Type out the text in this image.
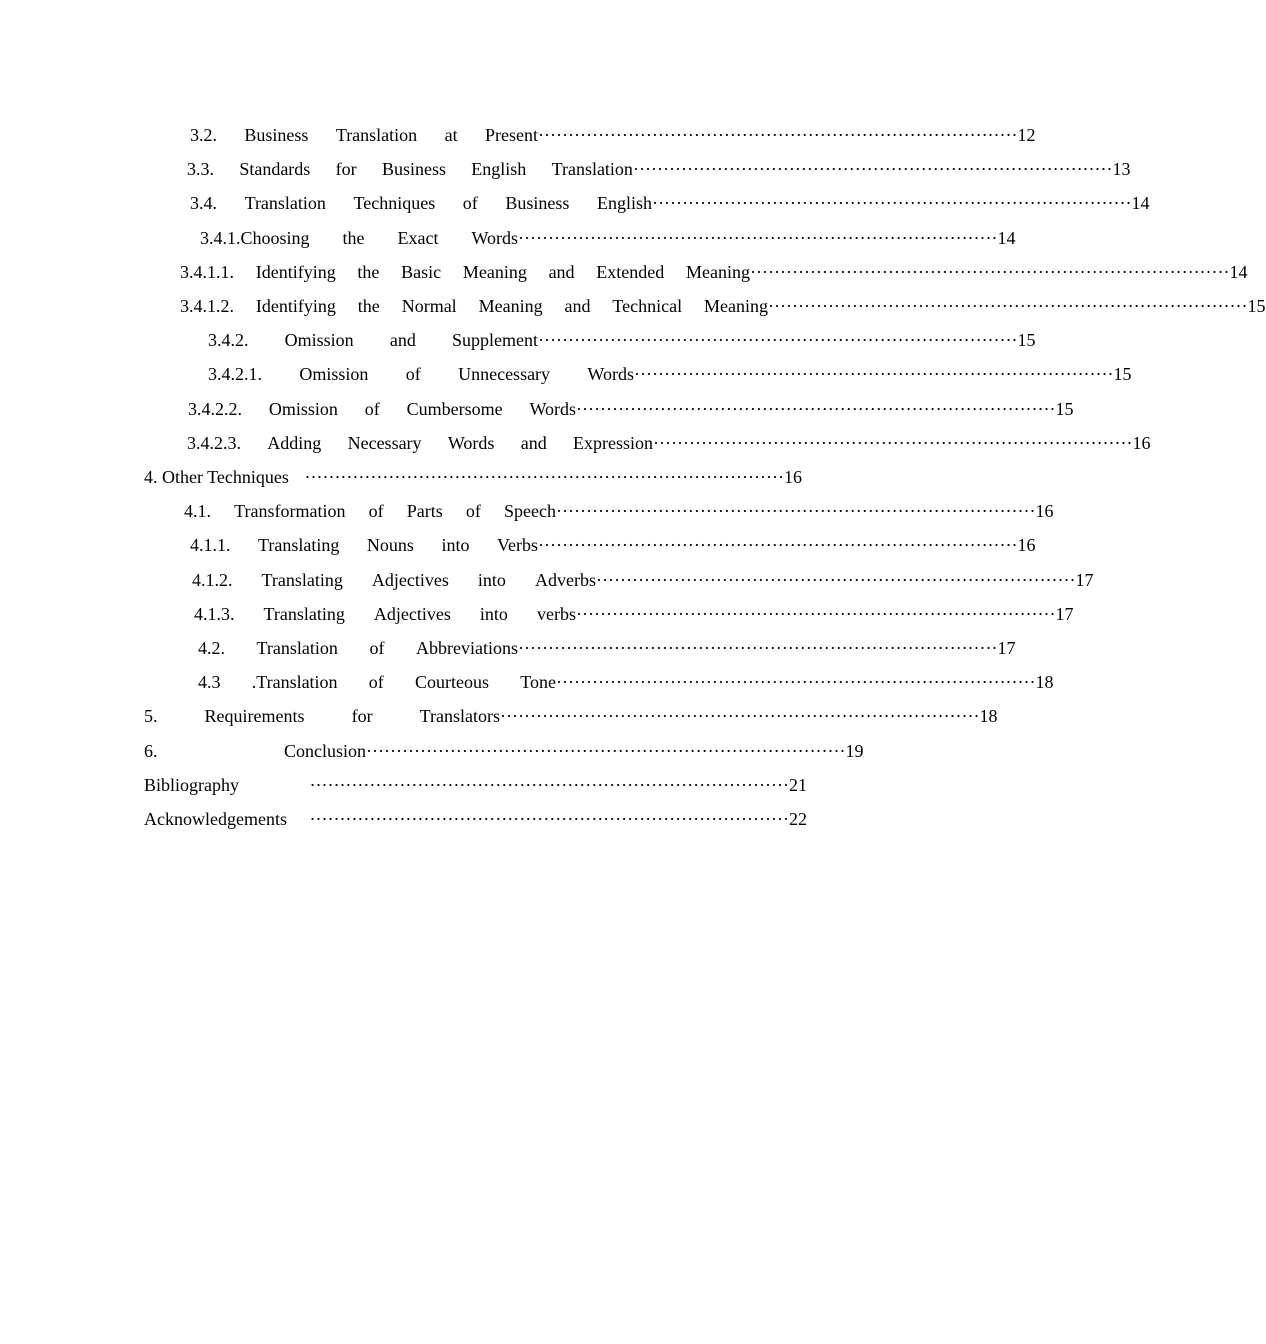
3.2. Business Translation at Present ················································································ 12
3.3. Standards for Business English Translation ················································································ 13
3.4. Translation Techniques of Business English ················································································ 14
3.4.1.Choosing the Exact Words ················································································ 14
3.4.1.1. Identifying the Basic Meaning and Extended Meaning ················································································ 14
3.4.1.2. Identifying the Normal Meaning and Technical Meaning ················································································ 15
3.4.2. Omission and Supplement ················································································ 15
3.4.2.1. Omission of Unnecessary Words ················································································ 15
3.4.2.2. Omission of Cumbersome Words ················································································ 15
3.4.2.3. Adding Necessary Words and Expression ················································································ 16
4. Other Techniques ················································································ 16
4.1. Transformation of Parts of Speech ················································································ 16
4.1.1. Translating Nouns into Verbs ················································································ 16
4.1.2. Translating Adjectives into Adverbs ················································································ 17
4.1.3. Translating Adjectives into verbs ················································································ 17
4.2. Translation of Abbreviations ················································································ 17
4.3 .Translation of Courteous Tone ················································································ 18
5.	Requirements	for	Translators ················································································ 18
6.	Conclusion ················································································ 19
Bibliography	················································································ 21
Acknowledgements	················································································ 22
